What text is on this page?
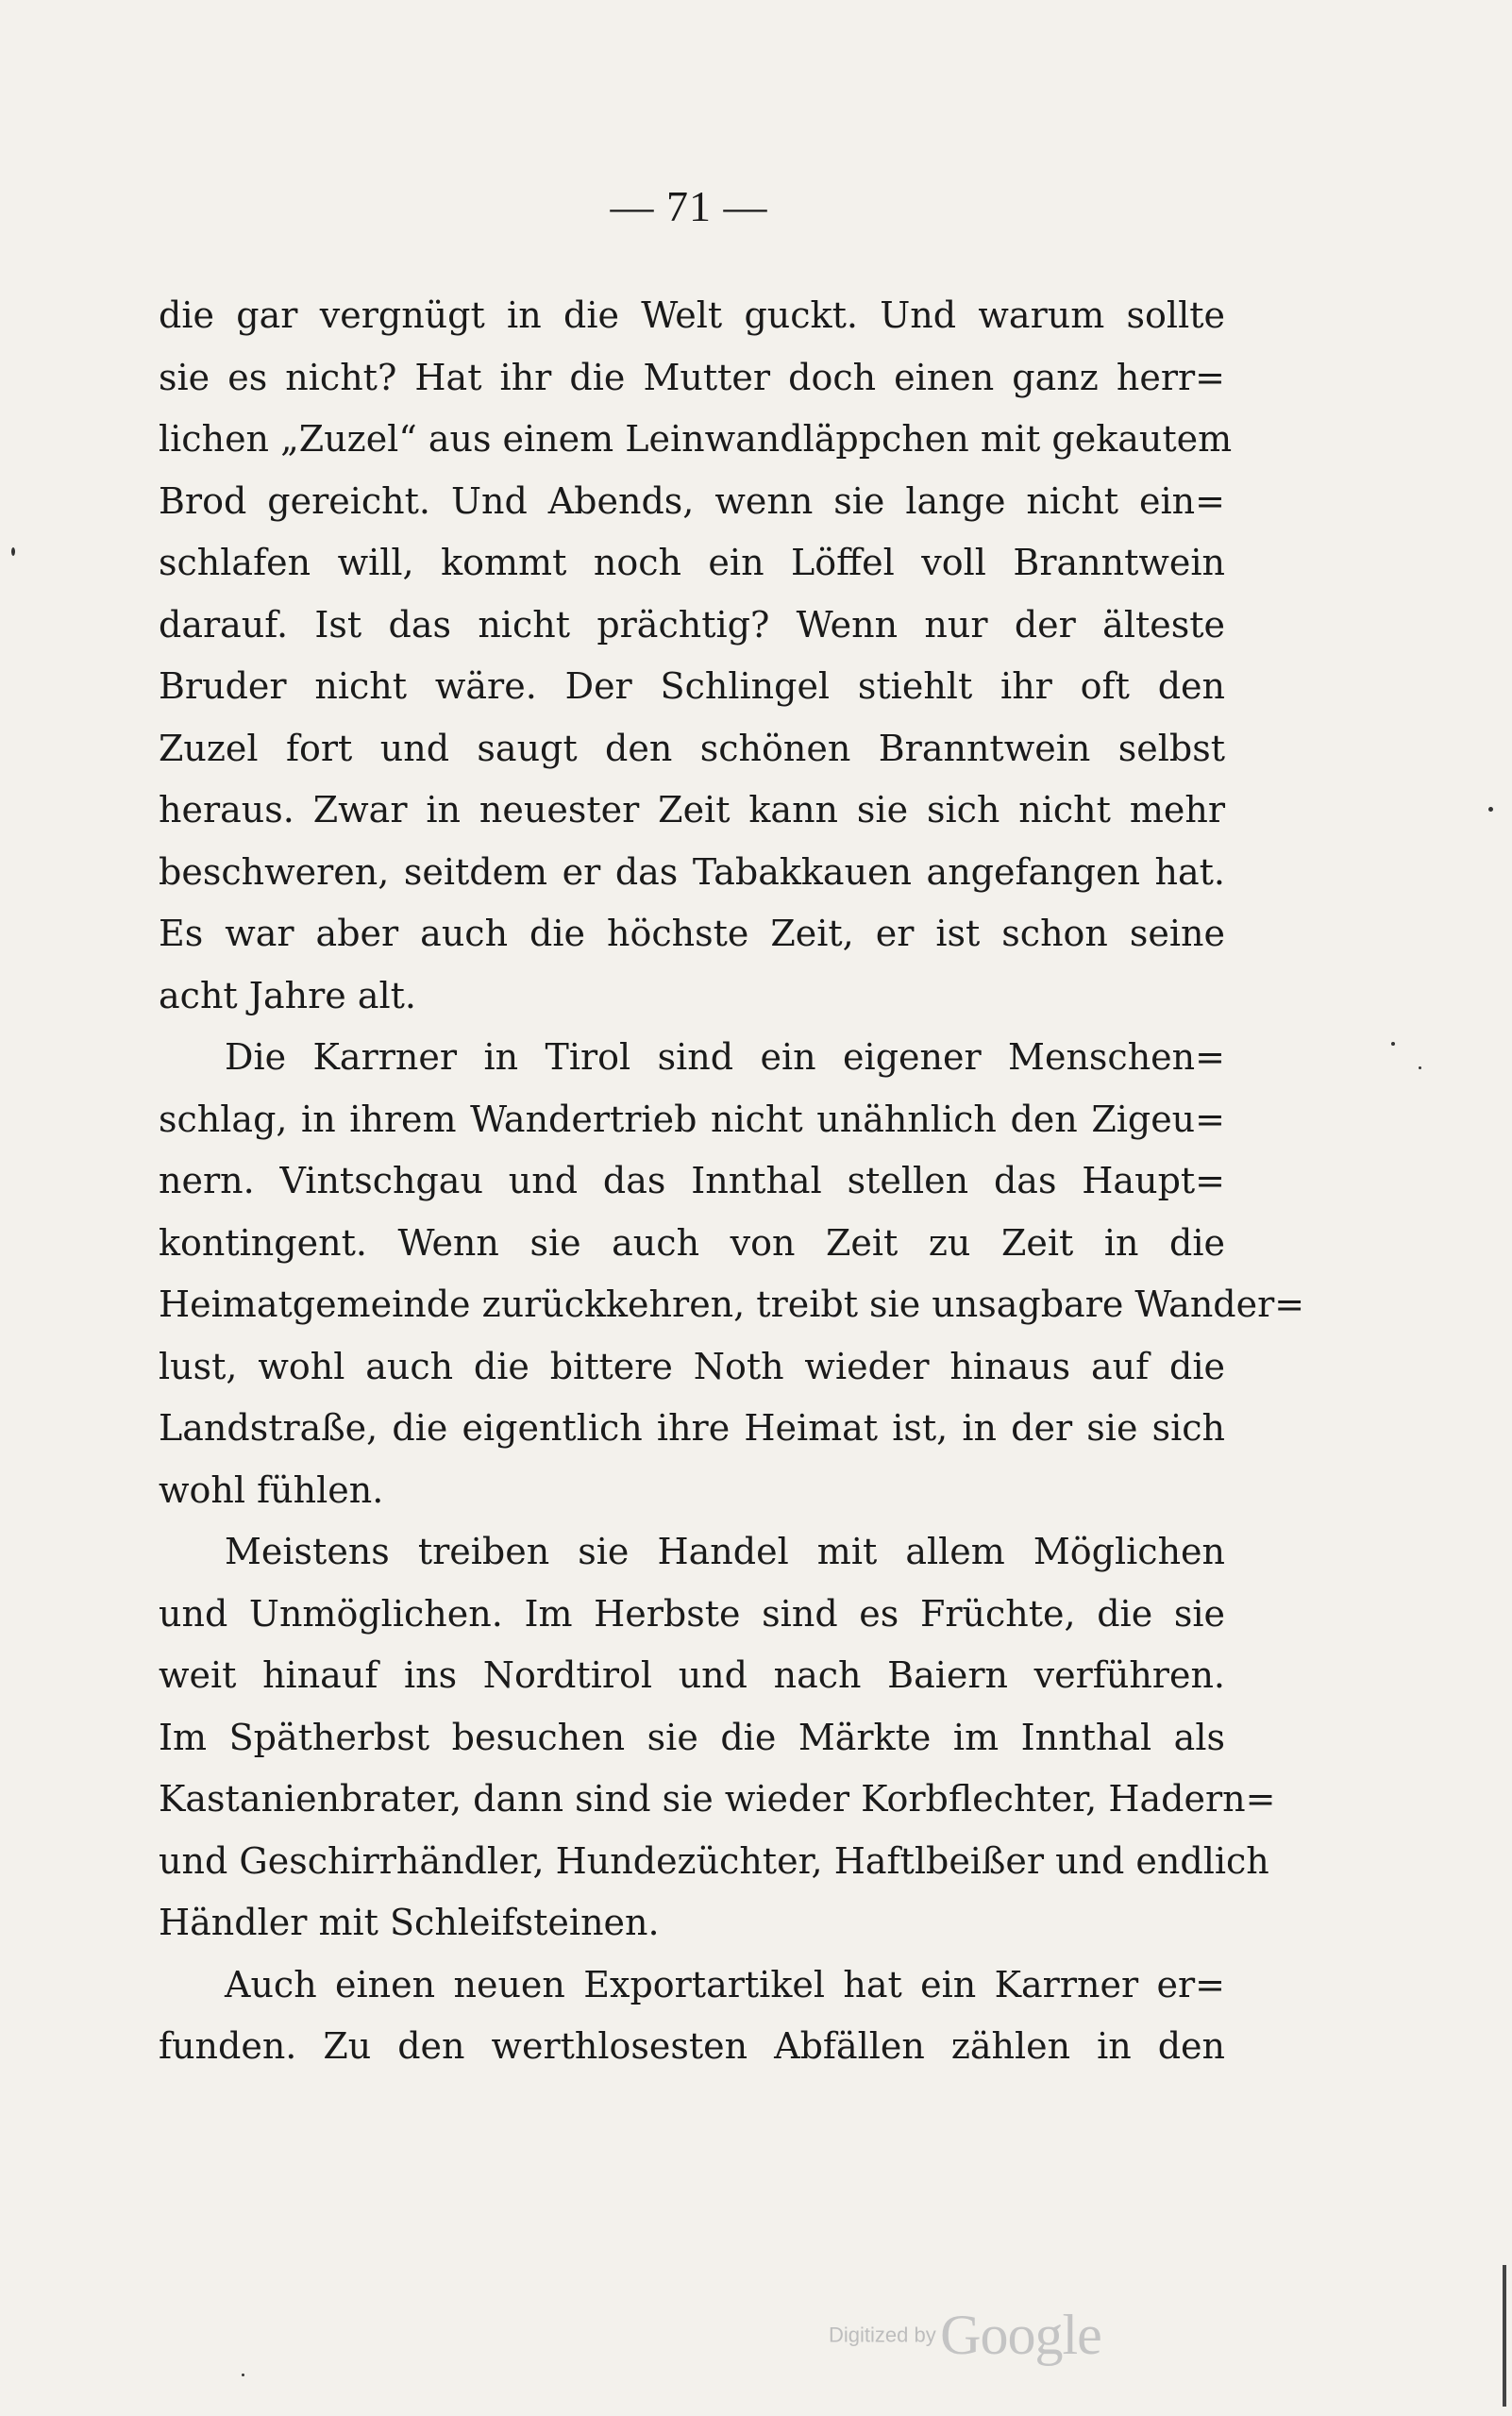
— 71 —
die gar vergnügt in die Welt guckt. Und warum sollte
sie es nicht? Hat ihr die Mutter doch einen ganz herr=
lichen „Zuzel“ aus einem Leinwandläppchen mit gekautem
Brod gereicht. Und Abends, wenn sie lange nicht ein=
schlafen will, kommt noch ein Löffel voll Branntwein
darauf. Ist das nicht prächtig? Wenn nur der älteste
Bruder nicht wäre. Der Schlingel stiehlt ihr oft den
Zuzel fort und saugt den schönen Branntwein selbst
heraus. Zwar in neuester Zeit kann sie sich nicht mehr
beschweren, seitdem er das Tabakkauen angefangen hat.
Es war aber auch die höchste Zeit, er ist schon seine
acht Jahre alt.
Die Karrner in Tirol sind ein eigener Menschen=
schlag, in ihrem Wandertrieb nicht unähnlich den Zigeu=
nern. Vintschgau und das Innthal stellen das Haupt=
kontingent. Wenn sie auch von Zeit zu Zeit in die
Heimatgemeinde zurückkehren, treibt sie unsagbare Wander=
lust, wohl auch die bittere Noth wieder hinaus auf die
Landstraße, die eigentlich ihre Heimat ist, in der sie sich
wohl fühlen.
Meistens treiben sie Handel mit allem Möglichen
und Unmöglichen. Im Herbste sind es Früchte, die sie
weit hinauf ins Nordtirol und nach Baiern verführen.
Im Spätherbst besuchen sie die Märkte im Innthal als
Kastanienbrater, dann sind sie wieder Korbflechter, Hadern=
und Geschirrhändler, Hundezüchter, Haftlbeißer und endlich
Händler mit Schleifsteinen.
Auch einen neuen Exportartikel hat ein Karrner er=
funden. Zu den werthlosesten Abfällen zählen in den
Digitized by Google
